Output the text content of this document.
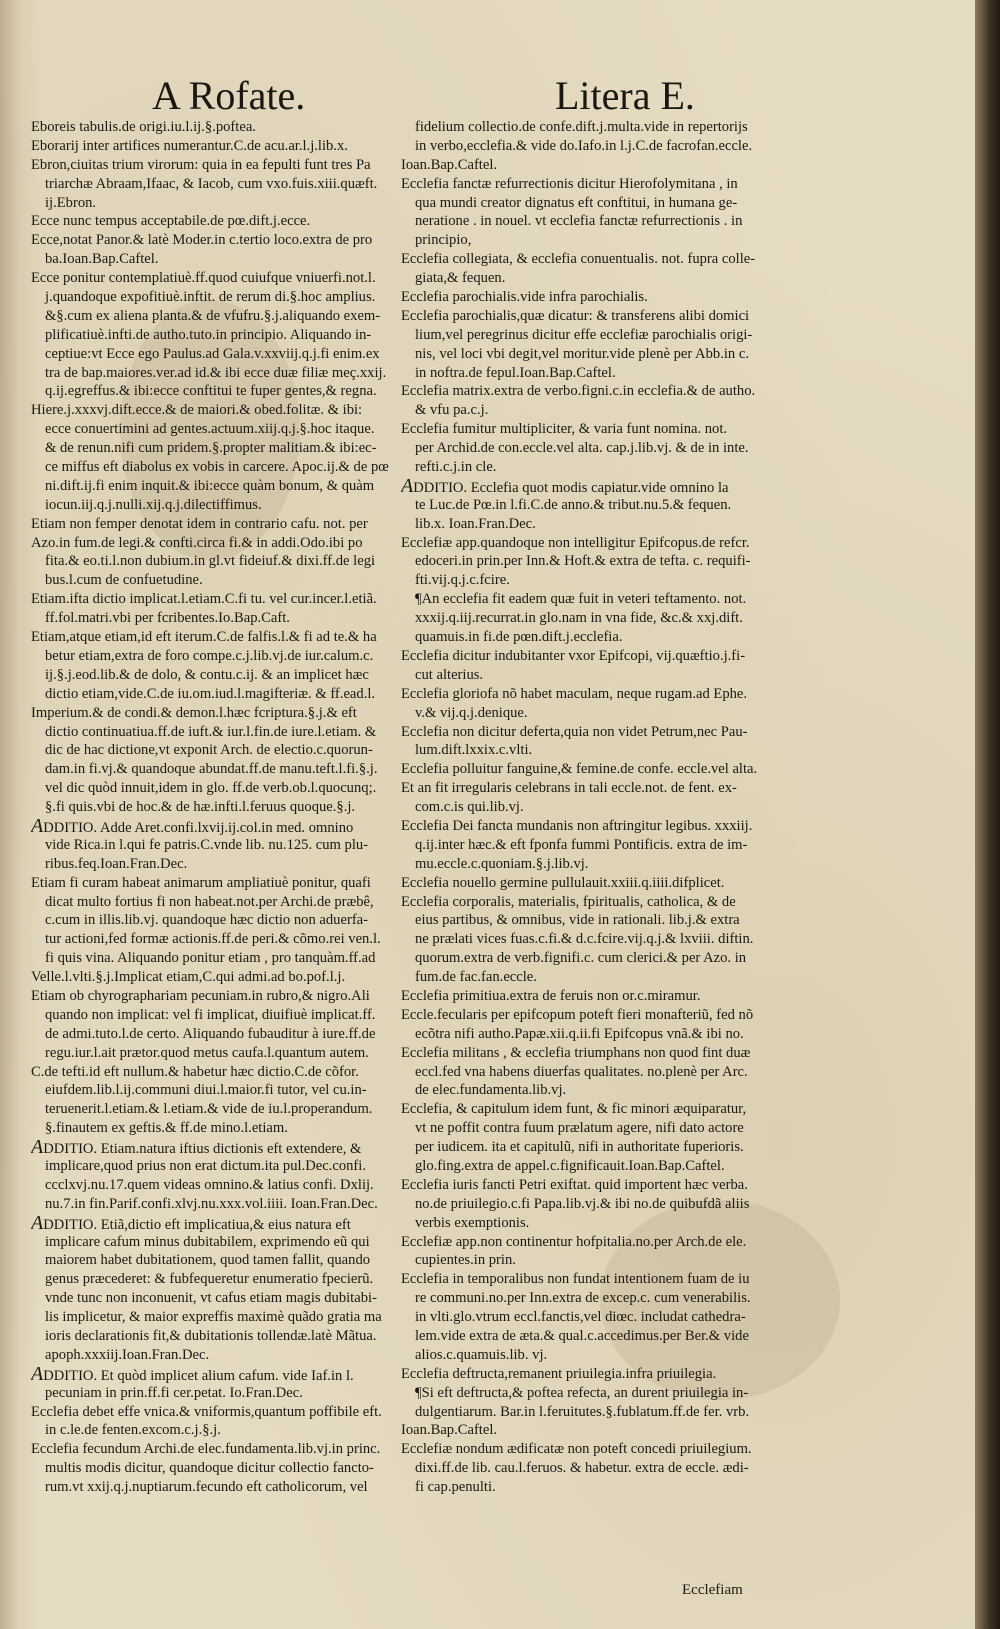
A Rofate.	Litera E.
Eboreis tabulis.de origi.iu.l.ij.§.poftea.
Eborarij inter artifices numerantur.C.de acu.ar.l.j.lib.x.
Ebron,ciuitas trium virorum: quia in ea fepulti funt tres Pa
triarchæ Abraam,Ifaac, & Iacob, cum vxo.fuis.xiii.quæft.
ij.Ebron.
Ecce nunc tempus acceptabile.de pœ.dift.j.ecce.
Ecce,notat Panor.& latè Moder.in c.tertio loco.extra de pro
ba.Ioan.Bap.Caftel.
Ecce ponitur contemplatiuè.ff.quod cuiufque vniuerfi.not.l.
j.quandoque expofitiuè.inftit. de rerum di.§.hoc amplius.
&§.cum ex aliena planta.& de vfufru.§.j.aliquando exem-
plificatiuè.infti.de autho.tuto.in principio. Aliquando in-
ceptiue:vt Ecce ego Paulus.ad Gala.v.xxviij.q.j.fi enim.ex
tra de bap.maiores.ver.ad id.& ibi ecce duæ filiæ meç.xxij.
q.ij.egreffus.& ibi:ecce conftitui te fuper gentes,& regna.
Hiere.j.xxxvj.dift.ecce.& de maiori.& obed.folitæ. & ibi:
ecce conuertimini ad gentes.actuum.xiij.q.j.§.hoc itaque.
& de renun.nifi cum pridem.§.propter malitiam.& ibi:ec-
ce miffus eft diabolus ex vobis in carcere. Apoc.ij.& de pœ
ni.dift.ij.fi enim inquit.& ibi:ecce quàm bonum, & quàm
iocun.iij.q.j.nulli.xij.q.j.dilectiffimus.
Etiam non femper denotat idem in contrario cafu. not. per
Azo.in fum.de legi.& confti.circa fi.& in addi.Odo.ibi po
fita.& eo.ti.l.non dubium.in gl.vt fideiuf.& dixi.ff.de legi
bus.l.cum de confuetudine.
Etiam.ifta dictio implicat.l.etiam.C.fi tu. vel cur.incer.l.etiã.
ff.fol.matri.vbi per fcribentes.Io.Bap.Caft.
Etiam,atque etiam,id eft iterum.C.de falfis.l.& fi ad te.& ha
betur etiam,extra de foro compe.c.j.lib.vj.de iur.calum.c.
ij.§.j.eod.lib.& de dolo, & contu.c.ij. & an implicet hæc
dictio etiam,vide.C.de iu.om.iud.l.magifteriæ. & ff.ead.l.
Imperium.& de condi.& demon.l.hæc fcriptura.§.j.& eft
dictio continuatiua.ff.de iuft.& iur.l.fin.de iure.l.etiam. &
dic de hac dictione,vt exponit Arch. de electio.c.quorun-
dam.in fi.vj.& quandoque abundat.ff.de manu.teft.l.fi.§.j.
vel dic quòd innuit,idem in glo. ff.de verb.ob.l.quocunq;.
§.fi quis.vbi de hoc.& de hæ.infti.l.feruus quoque.§.j.
ADDITIO. Adde Aret.confi.lxvij.ij.col.in med. omnino
vide Rica.in l.qui fe patris.C.vnde lib. nu.125. cum plu-
ribus.feq.Ioan.Fran.Dec.
Etiam fi curam habeat animarum ampliatiuè ponitur, quafi
dicat multo fortius fi non habeat.not.per Archi.de præbê,
c.cum in illis.lib.vj. quandoque hæc dictio non aduerfa-
tur actioni,fed formæ actionis.ff.de peri.& cõmo.rei ven.l.
fi quis vina. Aliquando ponitur etiam , pro tanquàm.ff.ad
Velle.l.vlti.§.j.Implicat etiam,C.qui admi.ad bo.pof.l.j.
Etiam ob chyrographariam pecuniam.in rubro,& nigro.Ali
quando non implicat: vel fi implicat, diuifiuè implicat.ff.
de admi.tuto.l.de certo. Aliquando fubauditur à iure.ff.de
regu.iur.l.ait prætor.quod metus caufa.l.quantum autem.
C.de tefti.id eft nullum.& habetur hæc dictio.C.de cõfor.
eiufdem.lib.l.ij.communi diui.l.maior.fi tutor, vel cu.in-
teruenerit.l.etiam.& l.etiam.& vide de iu.l.properandum.
§.finautem ex geftis.& ff.de mino.l.etiam.
ADDITIO. Etiam.natura iftius dictionis eft extendere, &
implicare,quod prius non erat dictum.ita pul.Dec.confi.
ccclxvj.nu.17.quem videas omnino.& latius confi. Dxlij.
nu.7.in fin.Parif.confi.xlvj.nu.xxx.vol.iiii. Ioan.Fran.Dec.
ADDITIO. Etiã,dictio eft implicatiua,& eius natura eft
implicare cafum minus dubitabilem, exprimendo eũ qui
maiorem habet dubitationem, quod tamen fallit, quando
genus præcederet: & fubfequeretur enumeratio fpecierũ.
vnde tunc non inconuenit, vt cafus etiam magis dubitabi-
lis implicetur, & maior expreffis maximè quãdo gratia ma
ioris declarationis fit,& dubitationis tollendæ.latè Mãtua.
apoph.xxxiij.Ioan.Fran.Dec.
ADDITIO. Et quòd implicet alium cafum. vide Iaf.in l.
pecuniam in prin.ff.fi cer.petat. Io.Fran.Dec.
Ecclefia debet effe vnica.& vniformis,quantum poffibile eft.
in c.le.de fenten.excom.c.j.§.j.
Ecclefia fecundum Archi.de elec.fundamenta.lib.vj.in princ.
multis modis dicitur, quandoque dicitur collectio fancto-
rum.vt xxij.q.j.nuptiarum.fecundo eft catholicorum, vel
fidelium collectio.de confe.dift.j.multa.vide in repertorijs
in verbo,ecclefia.& vide do.Iafo.in l.j.C.de facrofan.eccle.
Ioan.Bap.Caftel.
Ecclefia fanctæ refurrectionis dicitur Hierofolymitana , in
qua mundi creator dignatus eft conftitui, in humana ge-
neratione . in nouel. vt ecclefia fanctæ refurrectionis . in
principio,
Ecclefia collegiata, & ecclefia conuentualis. not. fupra colle-
giata,& fequen.
Ecclefia parochialis.vide infra parochialis.
Ecclefia parochialis,quæ dicatur: & transferens alibi domici
lium,vel peregrinus dicitur effe ecclefiæ parochialis origi-
nis, vel loci vbi degit,vel moritur.vide plenè per Abb.in c.
in noftra.de fepul.Ioan.Bap.Caftel.
Ecclefia matrix.extra de verbo.figni.c.in ecclefia.& de autho.
& vfu pa.c.j.
Ecclefia fumitur multipliciter, & varia funt nomina. not.
per Archid.de con.eccle.vel alta. cap.j.lib.vj. & de in inte.
refti.c.j.in cle.
ADDITIO. Ecclefia quot modis capiatur.vide omnino la
te Luc.de Pœ.in l.fi.C.de anno.& tribut.nu.5.& fequen.
lib.x. Ioan.Fran.Dec.
Ecclefiæ app.quandoque non intelligitur Epifcopus.de refcr.
edoceri.in prin.per Inn.& Hoft.& extra de tefta. c. requifi-
fti.vij.q.j.c.fcire.
¶An ecclefia fit eadem quæ fuit in veteri teftamento. not.
xxxij.q.iij.recurrat.in glo.nam in vna fide, &c.& xxj.dift.
quamuis.in fi.de pœn.dift.j.ecclefia.
Ecclefia dicitur indubitanter vxor Epifcopi, vij.quæftio.j.fi-
cut alterius.
Ecclefia gloriofa nõ habet maculam, neque rugam.ad Ephe.
v.& vij.q.j.denique.
Ecclefia non dicitur deferta,quia non videt Petrum,nec Pau-
lum.dift.lxxix.c.vlti.
Ecclefia polluitur fanguine,& femine.de confe. eccle.vel alta.
Et an fit irregularis celebrans in tali eccle.not. de fent. ex-
com.c.is qui.lib.vj.
Ecclefia Dei fancta mundanis non aftringitur legibus. xxxiij.
q.ij.inter hæc.& eft fponfa fummi Pontificis. extra de im-
mu.eccle.c.quoniam.§.j.lib.vj.
Ecclefia nouello germine pullulauit.xxiii.q.iiii.difplicet.
Ecclefia corporalis, materialis, fpiritualis, catholica, & de
eius partibus, & omnibus, vide in rationali. lib.j.& extra
ne prælati vices fuas.c.fi.& d.c.fcire.vij.q.j.& lxviii. diftin.
quorum.extra de verb.fignifi.c. cum clerici.& per Azo. in
fum.de fac.fan.eccle.
Ecclefia primitiua.extra de feruis non or.c.miramur.
Eccle.fecularis per epifcopum poteft fieri monafteriũ, fed nõ
ecõtra nifi autho.Papæ.xii.q.ii.fi Epifcopus vnã.& ibi no.
Ecclefia militans , & ecclefia triumphans non quod fint duæ
eccl.fed vna habens diuerfas qualitates. no.plenè per Arc.
de elec.fundamenta.lib.vj.
Ecclefia, & capitulum idem funt, & fic minori æquiparatur,
vt ne poffit contra fuum prælatum agere, nifi dato actore
per iudicem. ita et capitulũ, nifi in authoritate fuperioris.
glo.fing.extra de appel.c.fignificauit.Ioan.Bap.Caftel.
Ecclefia iuris fancti Petri exiftat. quid importent hæc verba.
no.de priuilegio.c.fi Papa.lib.vj.& ibi no.de quibufdã aliis
verbis exemptionis.
Ecclefiæ app.non continentur hofpitalia.no.per Arch.de ele.
cupientes.in prin.
Ecclefia in temporalibus non fundat intentionem fuam de iu
re communi.no.per Inn.extra de excep.c. cum venerabilis.
in vlti.glo.vtrum eccl.fanctis,vel diœc. includat cathedra-
lem.vide extra de ætа.& qual.c.accedimus.per Ber.& vide
alios.c.quamuis.lib. vj.
Ecclefia deftructa,remanent priuilegia.infra priuilegia.
¶Si eft deftructa,& poftea refecta, an durent priuilegia in-
dulgentiarum. Bar.in l.feruitutes.§.fublatum.ff.de fer. vrb.
Ioan.Bap.Caftel.
Ecclefiæ nondum ædificatæ non poteft concedi priuilegium.
dixi.ff.de lib. cau.l.feruos. & habetur. extra de eccle. ædi-
fi cap.penulti.
Ecclefiam
